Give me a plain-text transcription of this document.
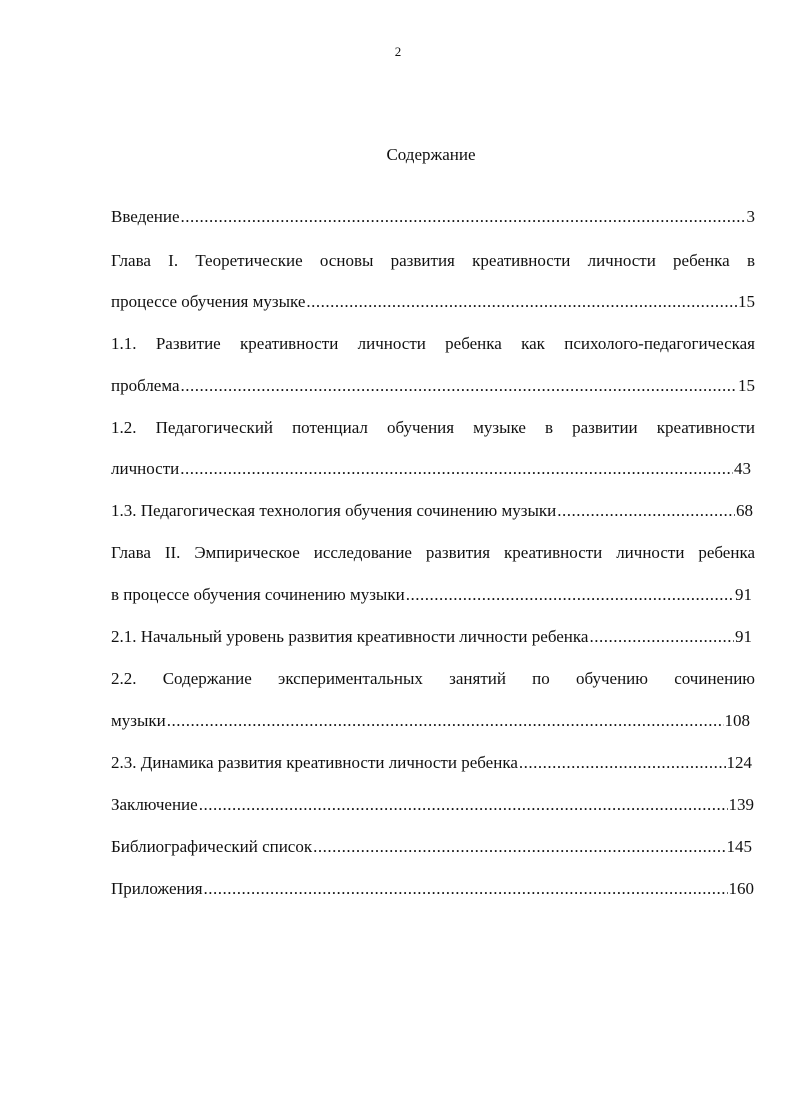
2
Содержание
Введение .....	3
Глава I. Теоретические основы развития креативности личности ребенка в
процессе обучения музыке .....	15
1.1. Развитие креативности личности ребенка как психолого-педагогическая
проблема .....	15
1.2. Педагогический потенциал обучения музыке в развитии креативности
личности .....	43
1.3. Педагогическая технология обучения сочинению музыки .....	68
Глава II. Эмпирическое исследование развития креативности личности ребенка
в процессе обучения сочинению музыки .....	91
2.1. Начальный уровень развития креативности личности ребенка .....	91
2.2. Содержание экспериментальных занятий по обучению сочинению
музыки .....	108
2.3. Динамика развития креативности личности ребенка .....	124
Заключение .....	139
Библиографический список .....	145
Приложения .....	160
